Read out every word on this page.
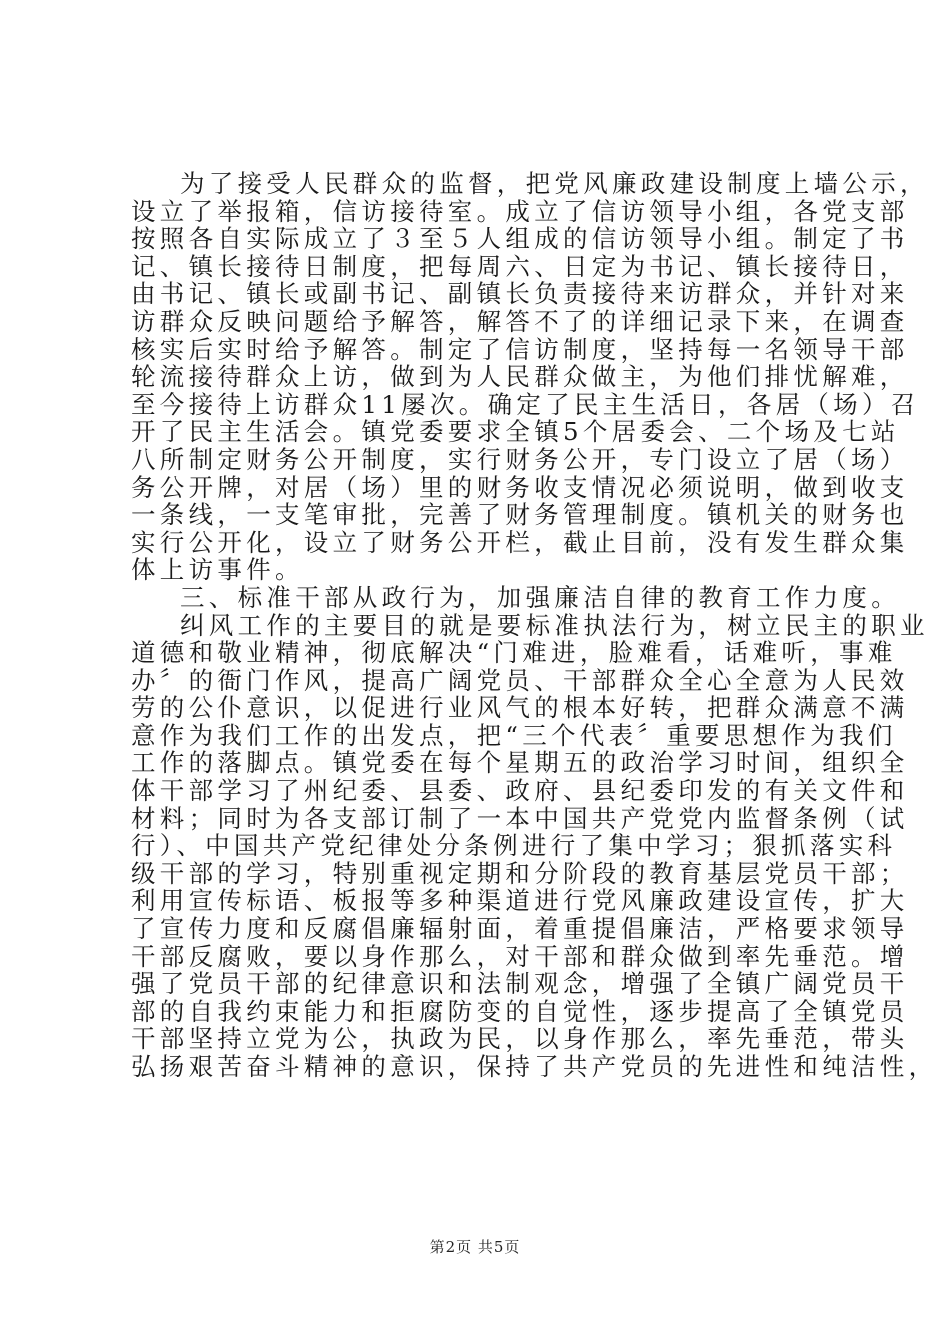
为了接受人民群众的监督，把党风廉政建设制度上墙公示，
设立了举报箱，信访接待室。成立了信访领导小组，各党支部
按照各自实际成立了３至５人组成的信访领导小组。制定了书
记、镇长接待日制度，把每周六、日定为书记、镇长接待日，
由书记、镇长或副书记、副镇长负责接待来访群众，并针对来
访群众反映问题给予解答，解答不了的详细记录下来，在调查
核实后实时给予解答。制定了信访制度，坚持每一名领导干部
轮流接待群众上访，做到为人民群众做主，为他们排忧解难，
至今接待上访群众11屡次。确定了民主生活日，各居（场）召
开了民主生活会。镇党委要求全镇5个居委会、二个场及七站
八所制定财务公开制度，实行财务公开，专门设立了居（场）
务公开牌，对居（场）里的财务收支情况必须说明，做到收支
一条线，一支笔审批，完善了财务管理制度。镇机关的财务也
实行公开化，设立了财务公开栏，截止目前，没有发生群众集
体上访事件。
三、标准干部从政行为，加强廉洁自律的教育工作力度。
纠风工作的主要目的就是要标准执法行为，树立民主的职业
道德和敬业精神，彻底解决“门难进，脸难看，话难听，事难
办〞的衙门作风，提高广阔党员、干部群众全心全意为人民效
劳的公仆意识，以促进行业风气的根本好转，把群众满意不满
意作为我们工作的出发点，把“三个代表〞重要思想作为我们
工作的落脚点。镇党委在每个星期五的政治学习时间，组织全
体干部学习了州纪委、县委、政府、县纪委印发的有关文件和
材料；同时为各支部订制了一本中国共产党党内监督条例（试
行）、中国共产党纪律处分条例进行了集中学习；狠抓落实科
级干部的学习，特别重视定期和分阶段的教育基层党员干部；
利用宣传标语、板报等多种渠道进行党风廉政建设宣传，扩大
了宣传力度和反腐倡廉辐射面，着重提倡廉洁，严格要求领导
干部反腐败，要以身作那么，对干部和群众做到率先垂范。增
强了党员干部的纪律意识和法制观念，增强了全镇广阔党员干
部的自我约束能力和拒腐防变的自觉性，逐步提高了全镇党员
干部坚持立党为公，执政为民，以身作那么，率先垂范，带头
弘扬艰苦奋斗精神的意识，保持了共产党员的先进性和纯洁性，
第2页 共5页
